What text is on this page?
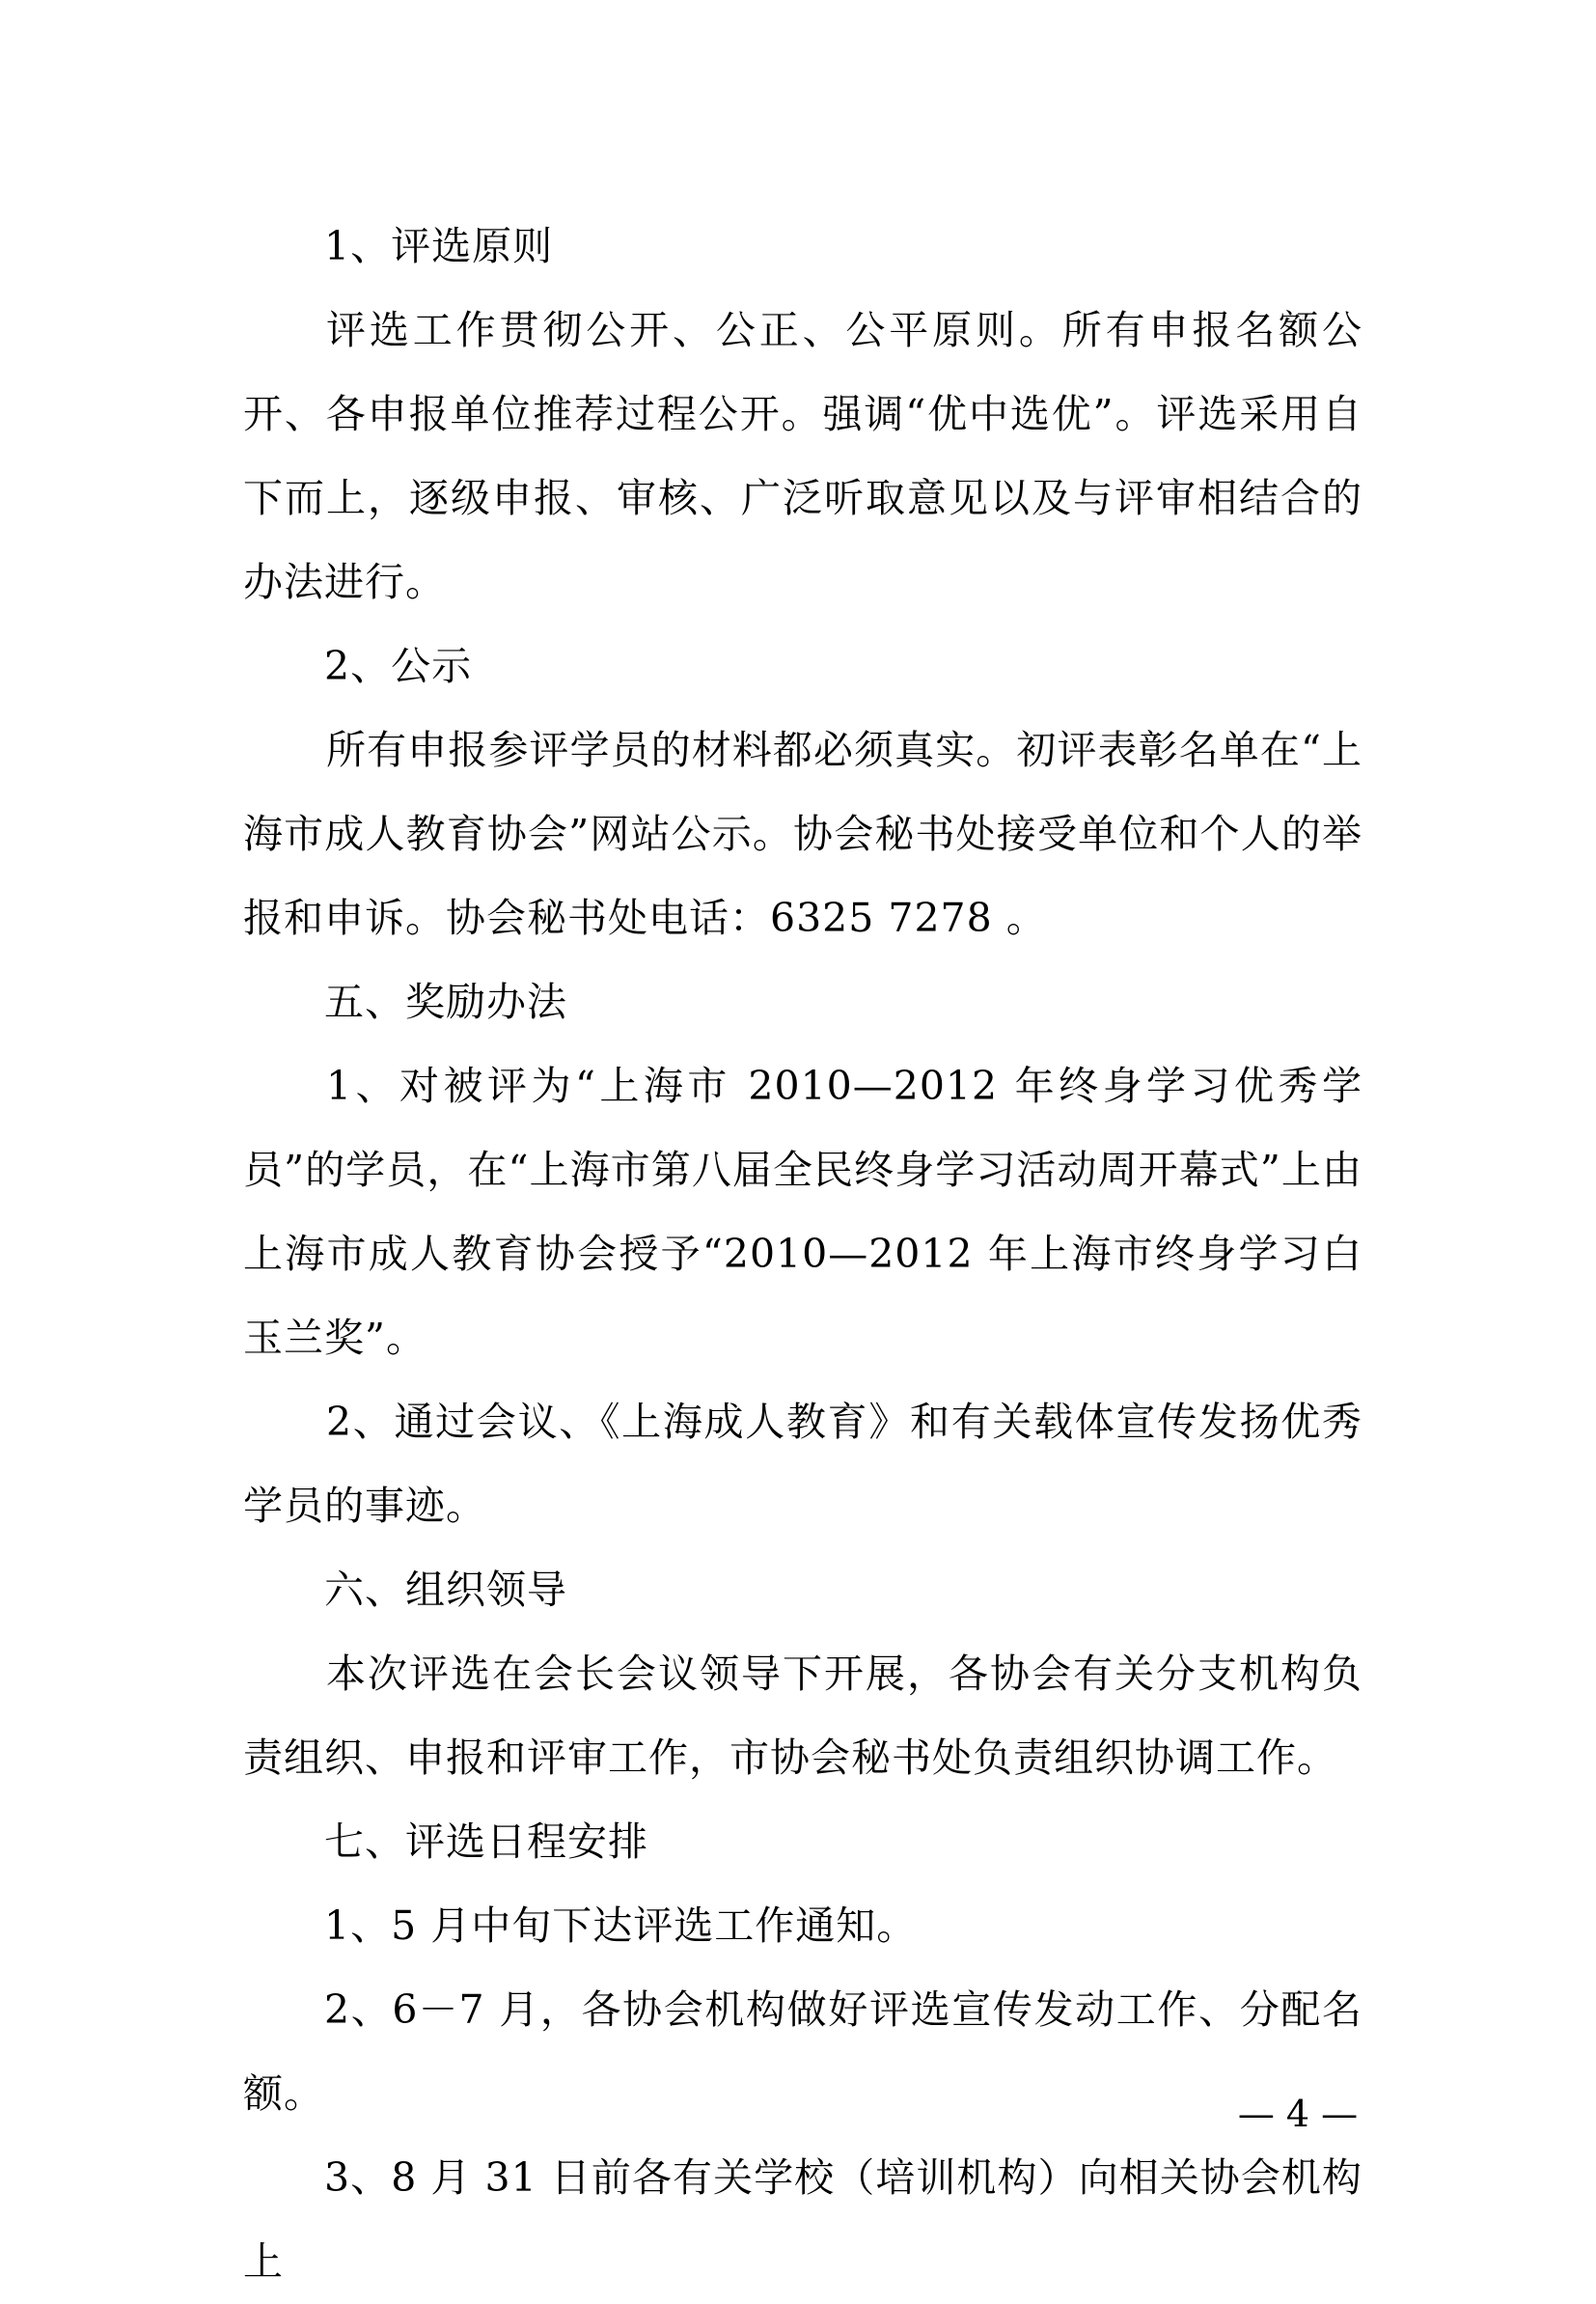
1、评选原则

评选工作贯彻公开、公正、公平原则。所有申报名额公开、各申报单位推荐过程公开。强调“优中选优”。评选采用自下而上，逐级申报、审核、广泛听取意见以及与评审相结合的办法进行。

2、公示

所有申报参评学员的材料都必须真实。初评表彰名单在“上海市成人教育协会”网站公示。协会秘书处接受单位和个人的举报和申诉。协会秘书处电话：6325 7278 。

五、奖励办法

1、对被评为“上海市 2010—2012 年终身学习优秀学员”的学员，在“上海市第八届全民终身学习活动周开幕式”上由上海市成人教育协会授予“2010—2012 年上海市终身学习白玉兰奖”。

2、通过会议、《上海成人教育》和有关载体宣传发扬优秀学员的事迹。

六、组织领导

本次评选在会长会议领导下开展，各协会有关分支机构负责组织、申报和评审工作，市协会秘书处负责组织协调工作。

七、评选日程安排

1、5 月中旬下达评选工作通知。

2、6－7 月，各协会机构做好评选宣传发动工作、分配名额。

3、8 月 31 日前各有关学校（培训机构）向相关协会机构上

— 4 —
